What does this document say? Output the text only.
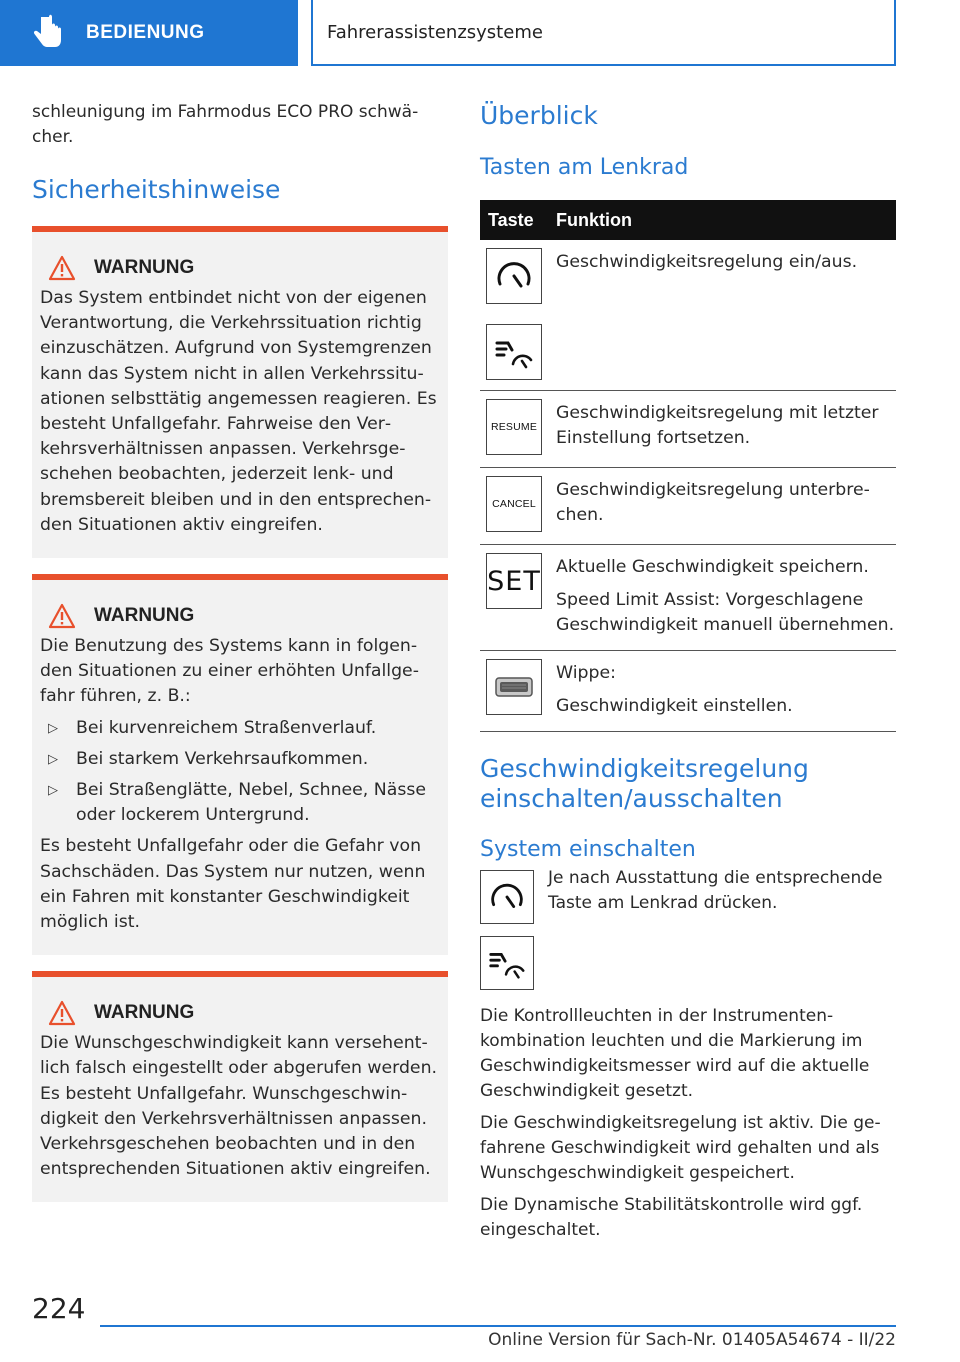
BEDIENUNG	Fahrerassistenzsysteme

schleunigung im Fahrmodus ECO PRO schwächer.

Sicherheitshinweise
WARNUNG

Das System entbindet nicht von der eigenen Verantwortung, die Verkehrssituation richtig einzuschätzen. Aufgrund von Systemgrenzen kann das System nicht in allen Verkehrssituationen selbsttätig angemessen reagieren. Es besteht Unfallgefahr. Fahrweise den Verkehrsverhältnissen anpassen. Verkehrsgeschehen beobachten, jederzeit lenk- und bremsbereit bleiben und in den entsprechenden Situationen aktiv eingreifen.

WARNUNG

Die Benutzung des Systems kann in folgenden Situationen zu einer erhöhten Unfallgefahr führen, z. B.:

▷	Bei kurvenreichem Straßenverlauf.
▷	Bei starkem Verkehrsaufkommen.
▷	Bei Straßenglätte, Nebel, Schnee, Nässe oder lockerem Untergrund.

Es besteht Unfallgefahr oder die Gefahr von Sachschäden. Das System nur nutzen, wenn ein Fahren mit konstanter Geschwindigkeit möglich ist.

WARNUNG

Die Wunschgeschwindigkeit kann versehentlich falsch eingestellt oder abgerufen werden. Es besteht Unfallgefahr. Wunschgeschwindigkeit den Verkehrsverhältnissen anpassen. Verkehrsgeschehen beobachten und in den entsprechenden Situationen aktiv eingreifen.

Überblick
Tasten am Lenkrad
Taste	Funktion

	Geschwindigkeitsregelung ein/aus.

RESUME	Geschwindigkeitsregelung mit letzter Einstellung fortsetzen.

CANCEL	Geschwindigkeitsregelung unterbrechen.

SET	Aktuelle Geschwindigkeit speichern.
Speed Limit Assist: Vorgeschlagene Geschwindigkeit manuell übernehmen.

Wippe:
Geschwindigkeit einstellen.
Geschwindigkeitsregelung einschalten/ausschalten
System einschalten

Je nach Ausstattung die entsprechende Taste am Lenkrad drücken.

Die Kontrollleuchten in der Instrumentenkombination leuchten und die Markierung im Geschwindigkeitsmesser wird auf die aktuelle Geschwindigkeit gesetzt.

Die Geschwindigkeitsregelung ist aktiv. Die gefahrene Geschwindigkeit wird gehalten und als Wunschgeschwindigkeit gespeichert.

Die Dynamische Stabilitätskontrolle wird ggf. eingeschaltet.

224
Online Version für Sach-Nr. 01405A54674 - II/22
